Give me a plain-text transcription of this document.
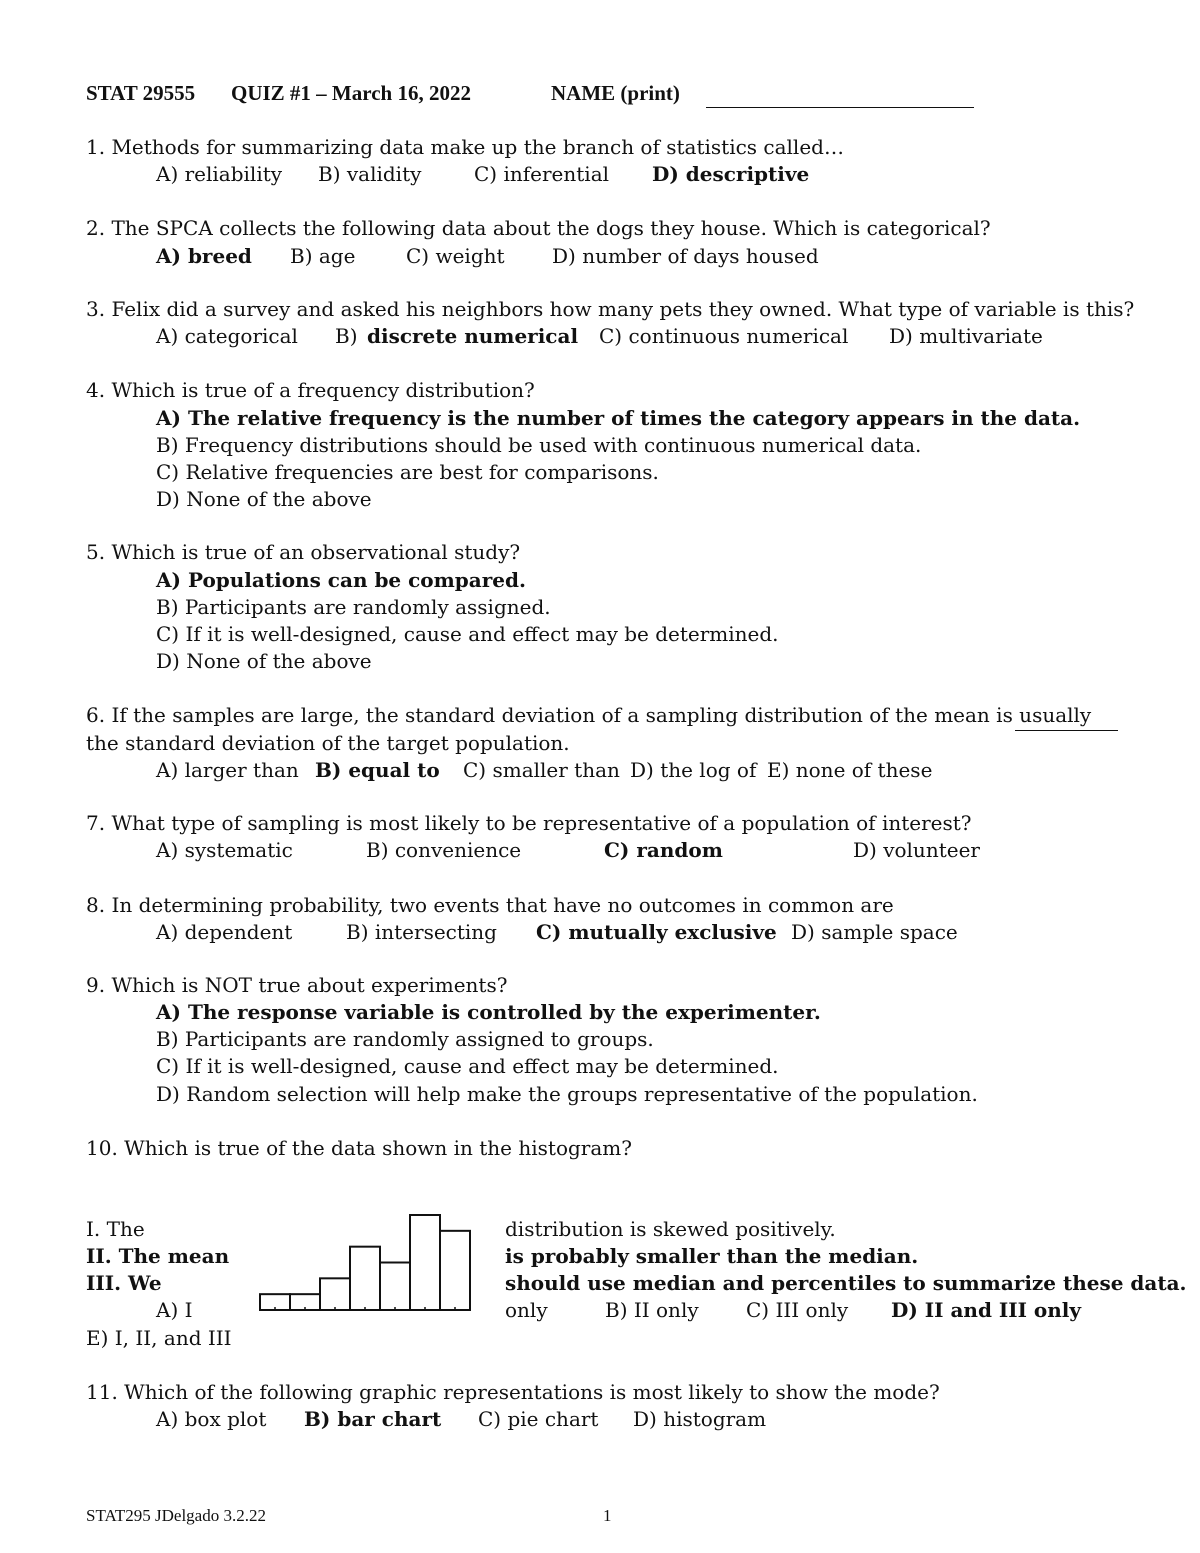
STAT 29555 QUIZ #1 – March 16, 2022	NAME (print)
1. Methods for summarizing data make up the branch of statistics called…
A) reliability B) validity	C) inferential D) descriptive
2. The SPCA collects the following data about the dogs they house. Which is categorical?
A) breed B) age	C) weight D) number of days housed
3. Felix did a survey and asked his neighbors how many pets they owned. What type of variable is this?
A) categorical B) discrete numerical C) continuous numerical D) multivariate
4. Which is true of a frequency distribution?
A) The relative frequency is the number of times the category appears in the data.
B) Frequency distributions should be used with continuous numerical data.
C) Relative frequencies are best for comparisons.
D) None of the above
5. Which is true of an observational study?
A) Populations can be compared.
B) Participants are randomly assigned.
C) If it is well-designed, cause and effect may be determined.
D) None of the above
6. If the samples are large, the standard deviation of a sampling distribution of the mean is usually
the standard deviation of the target population.
A) larger than B) equal to C) smaller than D) the log of E) none of these
7. What type of sampling is most likely to be representative of a population of interest?
A) systematic	B) convenience	C) random	D) volunteer
8. In determining probability, two events that have no outcomes in common are
A) dependent	B) intersecting C) mutually exclusive D) sample space
9. Which is NOT true about experiments?
A) The response variable is controlled by the experimenter.
B) Participants are randomly assigned to groups.
C) If it is well-designed, cause and effect may be determined.
D) Random selection will help make the groups representative of the population.
10. Which is true of the data shown in the histogram?
I. The
II. The mean
III. We
A) I
E) I, II, and III
distribution is skewed positively.
is probably smaller than the median.
should use median and percentiles to summarize these data.
only	B) II only C) III only D) II and III only
11. Which of the following graphic representations is most likely to show the mode?
A) box plot B) bar chart C) pie chart D) histogram
STAT295 JDelgado 3.2.22	1
